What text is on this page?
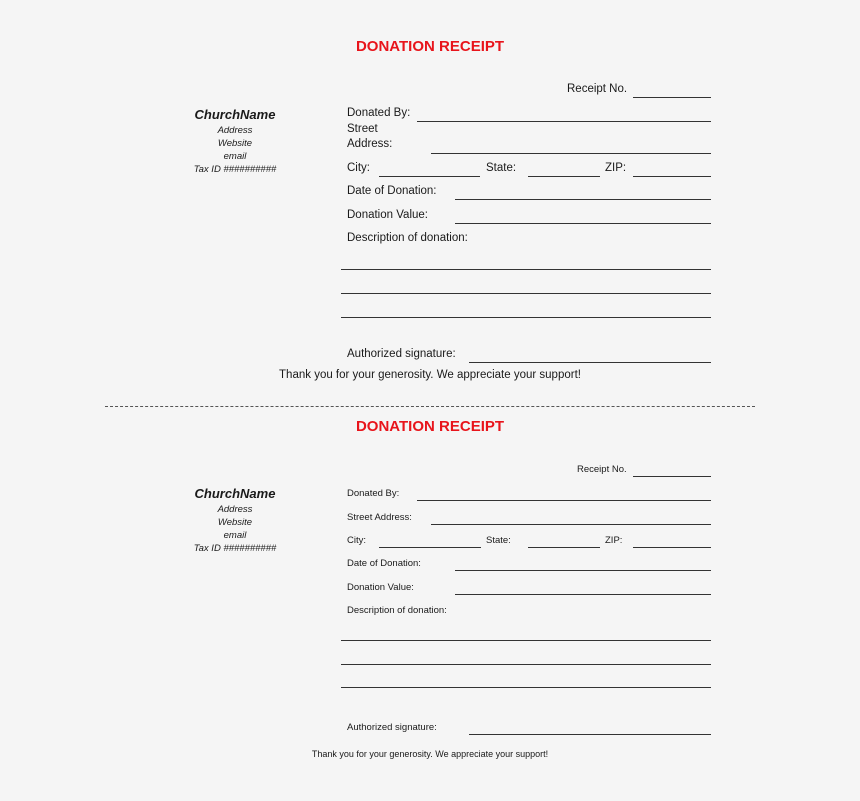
DONATION RECEIPT
Receipt No.
ChurchName
Address
Website
email
Tax ID ##########
Donated By:
Street
Address:
City:	State:	ZIP:
Date of Donation:
Donation Value:
Description of donation:
Authorized signature:
Thank you for your generosity. We appreciate your support!
DONATION RECEIPT
Receipt No.
ChurchName
Address
Website
email
Tax ID ##########
Donated By:
Street Address:
City:	State:	ZIP:
Date of Donation:
Donation Value:
Description of donation:
Authorized signature:
Thank you for your generosity. We appreciate your support!
